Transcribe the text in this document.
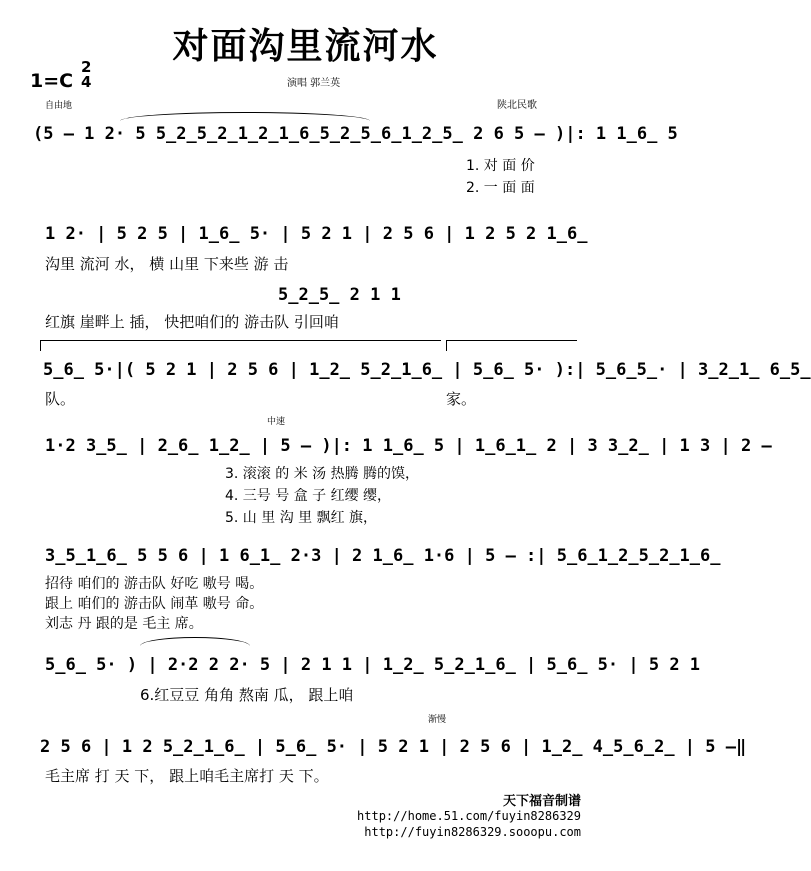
对面沟里流河水
1=C
2
4	演唱 郭兰英
陕北民歌
自由地
(5 – 1 2· 5 5̲2̲5̲2̲1̲2̲1̲6̲5̲2̲5̲6̲1̲2̲5̲ 2 6 5 – )|: 1 1̲6̲ 5
1. 对 面 价
2. 一 面 面
1 2· | 5 2 5 | 1̲6̲ 5· | 5 2 1 | 2 5 6 | 1 2 5 2 1̲6̲
沟里 流河 水， 横 山里 下来些 游 击
5̲2̲5̲ 2 1 1
红旗 崖畔上 插， 快把咱们的 游击队 引回咱
5̲6̲ 5·|( 5 2 1 | 2 5 6 | 1̲2̲ 5̲2̲1̲6̲ | 5̲6̲ 5· ):| 5̲6̲5̲· | 3̲2̲1̲ 6̲5̲
队。	家。
中速
1·2 3̲5̲ | 2̲6̲ 1̲2̲ | 5 – )|: 1 1̲6̲ 5 | 1̲6̲1̲ 2 | 3 3̲2̲ | 1 3 | 2 –
3. 滚滚 的 米 汤 热腾 腾的馍，
4. 三号 号 盒 子 红缨 缨，
5. 山 里 沟 里 飘红 旗，
3̲5̲1̲6̲ 5 5 6 | 1 6̲1̲ 2·3 | 2 1̲6̲ 1·6 | 5 – :| 5̲6̲1̲2̲5̲2̲1̲6̲
招待 咱们的 游击队 好吃 嗷号 喝。
跟上 咱们的 游击队 闹革 嗷号 命。
刘志 丹 跟的是 毛主 席。
5̲6̲ 5· ) | 2·2 2 2· 5 | 2 1 1 | 1̲2̲ 5̲2̲1̲6̲ | 5̲6̲ 5· | 5 2 1
6.红豆豆 角角 熬南 瓜， 跟上咱
渐慢
2 5 6 | 1 2 5̲2̲1̲6̲ | 5̲6̲ 5· | 5 2 1 | 2 5 6 | 1̲2̲ 4̲5̲6̲2̲ | 5 –‖
毛主席 打 天 下， 跟上咱毛主席打 天 下。
天下福音制谱
http://home.51.com/fuyin8286329
http://fuyin8286329.sooopu.com
